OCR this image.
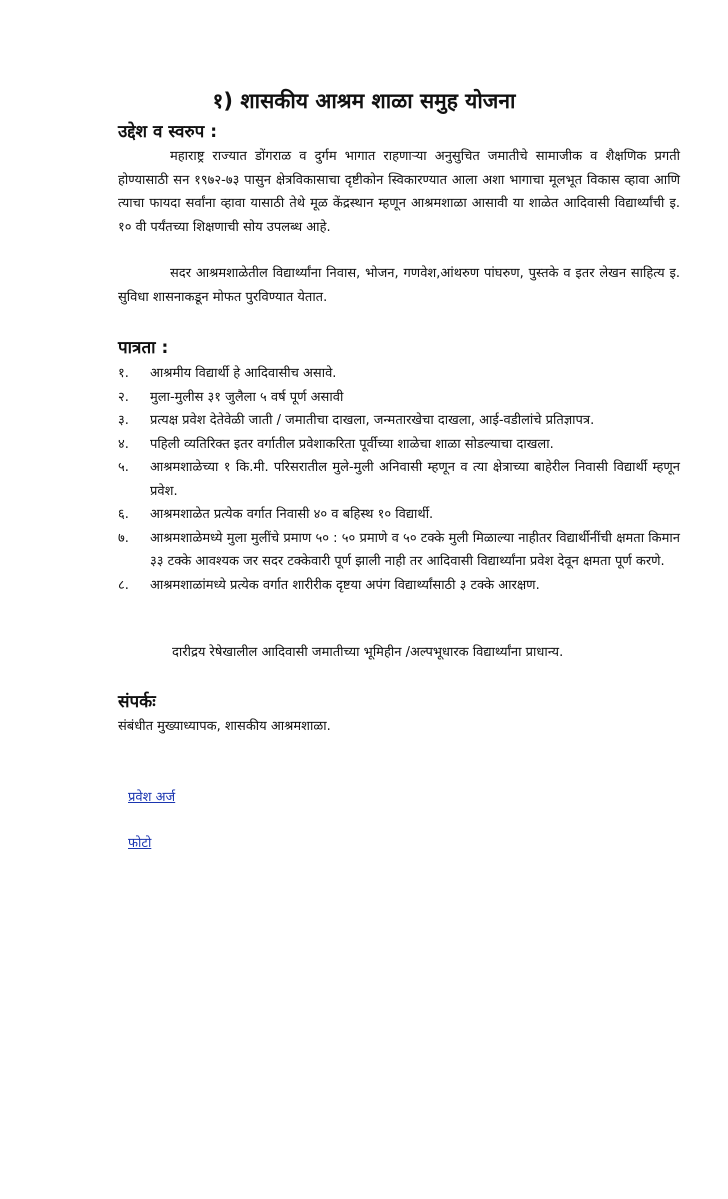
१) शासकीय आश्रम शाळा समुह योजना
उद्देश व स्वरुप :
महाराष्ट्र राज्यात डोंगराळ व दुर्गम भागात राहणाऱ्या अनुसुचित जमातीचे सामाजीक व शैक्षणिक प्रगती होण्यासाठी सन १९७२-७३ पासुन क्षेत्रविकासाचा दृष्टीकोन स्विकारण्यात आला अशा भागाचा मूलभूत विकास व्हावा आणि त्याचा फायदा सर्वांना व्हावा यासाठी तेथे मूळ केंद्रस्थान म्हणून आश्रमशाळा आसावी या शाळेत आदिवासी विद्यार्थ्यांची इ. १० वी पर्यंतच्या शिक्षणाची सोय उपलब्ध आहे.
सदर आश्रमशाळेतील विद्यार्थ्यांना निवास, भोजन, गणवेश,आंथरुण पांघरुण, पुस्तके व इतर लेखन साहित्य इ. सुविधा शासनाकडून मोफत पुरविण्यात येतात.
पात्रता :
१.	आश्रमीय विद्यार्थी हे आदिवासीच असावे.
२.	मुला-मुलीस ३१ जुलैला ५ वर्ष पूर्ण असावी
३.	प्रत्यक्ष प्रवेश देतेवेळी जाती / जमातीचा दाखला, जन्मतारखेचा दाखला, आई-वडीलांचे प्रतिज्ञापत्र.
४.	पहिली व्यतिरिक्त इतर वर्गातील प्रवेशाकरिता पूर्वीच्या शाळेचा शाळा सोडल्याचा दाखला.
५.	आश्रमशाळेच्या १ कि.मी. परिसरातील मुले-मुली अनिवासी म्हणून व त्या क्षेत्राच्या बाहेरील निवासी विद्यार्थी म्हणून प्रवेश.
६.	आश्रमशाळेत प्रत्येक वर्गात निवासी ४० व बहिस्थ १० विद्यार्थी.
७.	आश्रमशाळेमध्ये मुला मुलींचे प्रमाण ५० : ५० प्रमाणे व ५० टक्के मुली मिळाल्या नाहीतर विद्यार्थीनींची क्षमता किमान ३३ टक्के आवश्यक जर सदर टक्केवारी पूर्ण झाली नाही तर आदिवासी विद्यार्थ्यांना प्रवेश देवून क्षमता पूर्ण करणे.
८.	आश्रमशाळांमध्ये प्रत्येक वर्गात शारीरीक दृष्टया अपंग विद्यार्थ्यांसाठी ३ टक्के आरक्षण.
दारीद्रय रेषेखालील आदिवासी जमातीच्या भूमिहीन /अल्पभूधारक विद्यार्थ्यांना प्राधान्य.
संपर्कः
संबंधीत मुख्याध्यापक, शासकीय आश्रमशाळा.
प्रवेश अर्ज
फोटो
